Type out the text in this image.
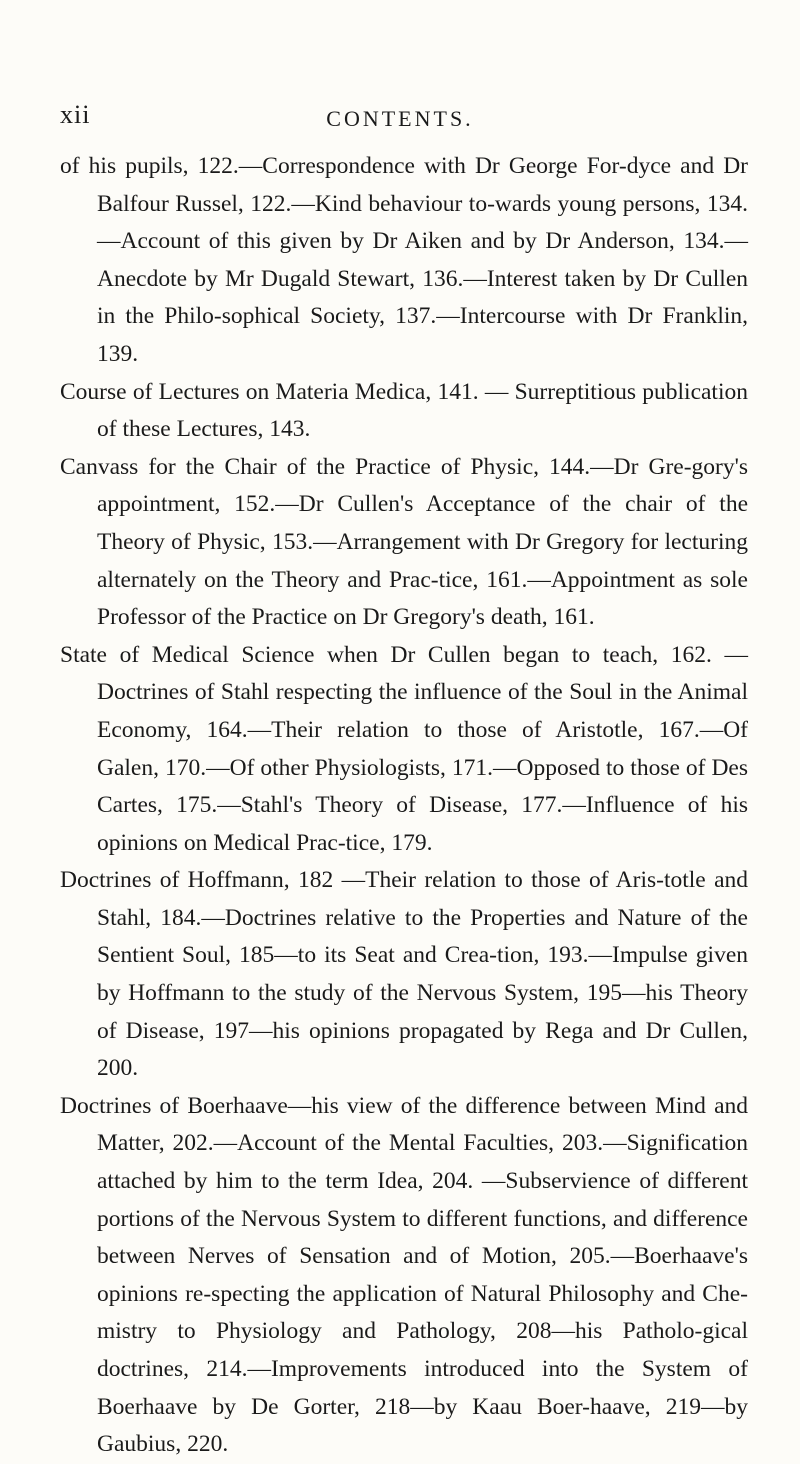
xii	CONTENTS.

of his pupils, 122.—Correspondence with Dr George For-dyce and Dr Balfour Russel, 122.—Kind behaviour to-wards young persons, 134.—Account of this given by Dr Aiken and by Dr Anderson, 134.— Anecdote by Mr Dugald Stewart, 136.—Interest taken by Dr Cullen in the Philo-sophical Society, 137.—Intercourse with Dr Franklin, 139.

Course of Lectures on Materia Medica, 141. — Surreptitious publication of these Lectures, 143.

Canvass for the Chair of the Practice of Physic, 144.—Dr Gre-gory's appointment, 152.—Dr Cullen's Acceptance of the chair of the Theory of Physic, 153.—Arrangement with Dr Gregory for lecturing alternately on the Theory and Prac-tice, 161.—Appointment as sole Professor of the Practice on Dr Gregory's death, 161.

State of Medical Science when Dr Cullen began to teach, 162. —Doctrines of Stahl respecting the influence of the Soul in the Animal Economy, 164.—Their relation to those of Aristotle, 167.—Of Galen, 170.—Of other Physiologists, 171.—Opposed to those of Des Cartes, 175.—Stahl's Theory of Disease, 177.—Influence of his opinions on Medical Prac-tice, 179.

Doctrines of Hoffmann, 182 —Their relation to those of Aris-totle and Stahl, 184.—Doctrines relative to the Properties and Nature of the Sentient Soul, 185—to its Seat and Crea-tion, 193.—Impulse given by Hoffmann to the study of the Nervous System, 195—his Theory of Disease, 197—his opinions propagated by Rega and Dr Cullen, 200.

Doctrines of Boerhaave—his view of the difference between Mind and Matter, 202.—Account of the Mental Faculties, 203.—Signification attached by him to the term Idea, 204. —Subservience of different portions of the Nervous System to different functions, and difference between Nerves of Sensation and of Motion, 205.—Boerhaave's opinions re-specting the application of Natural Philosophy and Che-mistry to Physiology and Pathology, 208—his Patholo-gical doctrines, 214.—Improvements introduced into the System of Boerhaave by De Gorter, 218—by Kaau Boer-haave, 219—by Gaubius, 220.
